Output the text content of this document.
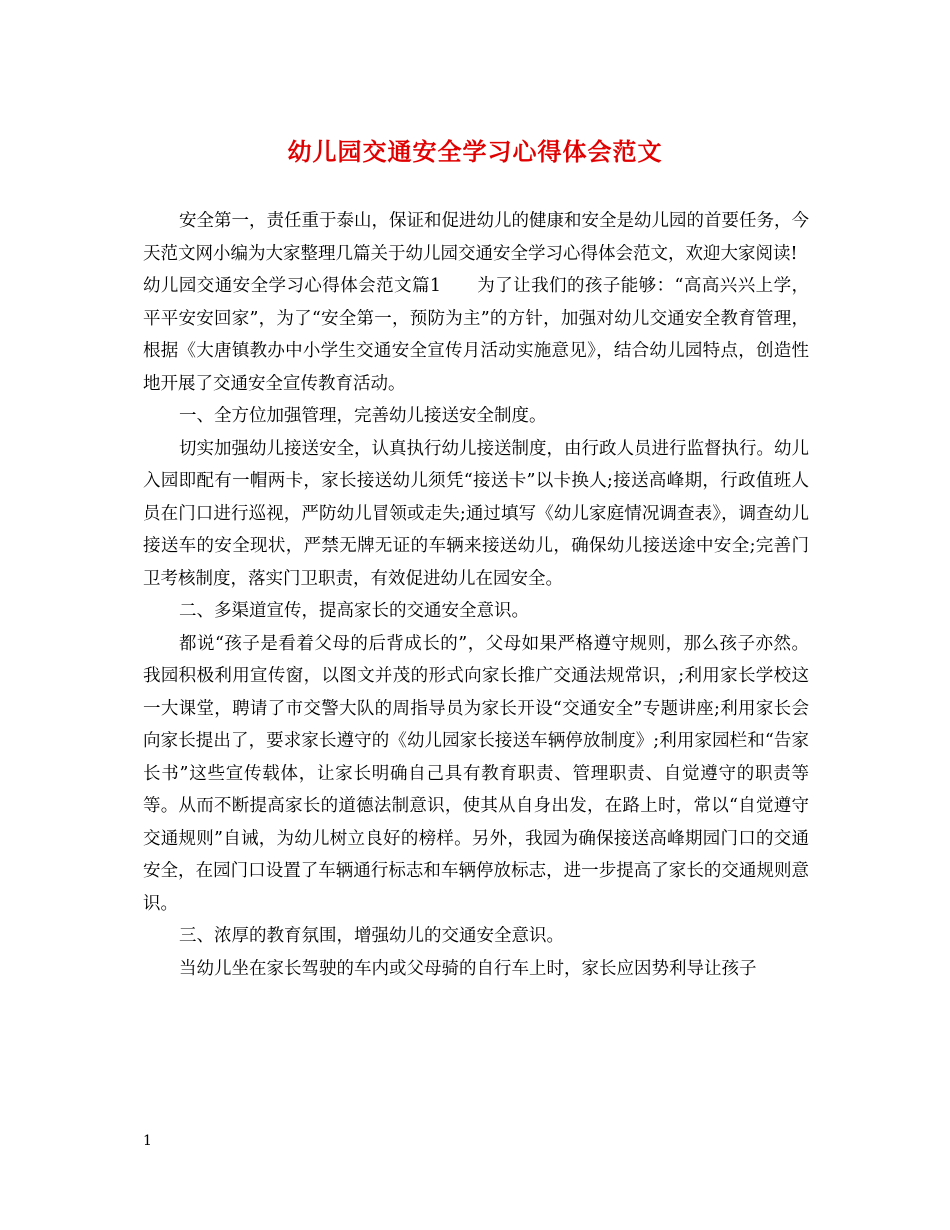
幼儿园交通安全学习心得体会范文

安全第一，责任重于泰山，保证和促进幼儿的健康和安全是幼儿园的首要任务，今天范文网小编为大家整理几篇关于幼儿园交通安全学习心得体会范文，欢迎大家阅读!

幼儿园交通安全学习心得体会范文篇1　　为了让我们的孩子能够：“高高兴兴上学，平平安安回家”，为了“安全第一，预防为主”的方针，加强对幼儿交通安全教育管理，根据《大唐镇教办中小学生交通安全宣传月活动实施意见》，结合幼儿园特点，创造性地开展了交通安全宣传教育活动。

一、全方位加强管理，完善幼儿接送安全制度。

切实加强幼儿接送安全，认真执行幼儿接送制度，由行政人员进行监督执行。幼儿入园即配有一帽两卡，家长接送幼儿须凭“接送卡”以卡换人;接送高峰期，行政值班人员在门口进行巡视，严防幼儿冒领或走失;通过填写《幼儿家庭情况调查表》，调查幼儿接送车的安全现状，严禁无牌无证的车辆来接送幼儿，确保幼儿接送途中安全;完善门卫考核制度，落实门卫职责，有效促进幼儿在园安全。

二、多渠道宣传，提高家长的交通安全意识。

都说“孩子是看着父母的后背成长的”，父母如果严格遵守规则，那么孩子亦然。我园积极利用宣传窗，以图文并茂的形式向家长推广交通法规常识，;利用家长学校这一大课堂，聘请了市交警大队的周指导员为家长开设“交通安全”专题讲座;利用家长会向家长提出了，要求家长遵守的《幼儿园家长接送车辆停放制度》;利用家园栏和“告家长书”这些宣传载体，让家长明确自己具有教育职责、管理职责、自觉遵守的职责等等。从而不断提高家长的道德法制意识，使其从自身出发，在路上时，常以“自觉遵守交通规则”自诫，为幼儿树立良好的榜样。另外，我园为确保接送高峰期园门口的交通安全，在园门口设置了车辆通行标志和车辆停放标志，进一步提高了家长的交通规则意识。

三、浓厚的教育氛围，增强幼儿的交通安全意识。

当幼儿坐在家长驾驶的车内或父母骑的自行车上时，家长应因势利导让孩子

1
